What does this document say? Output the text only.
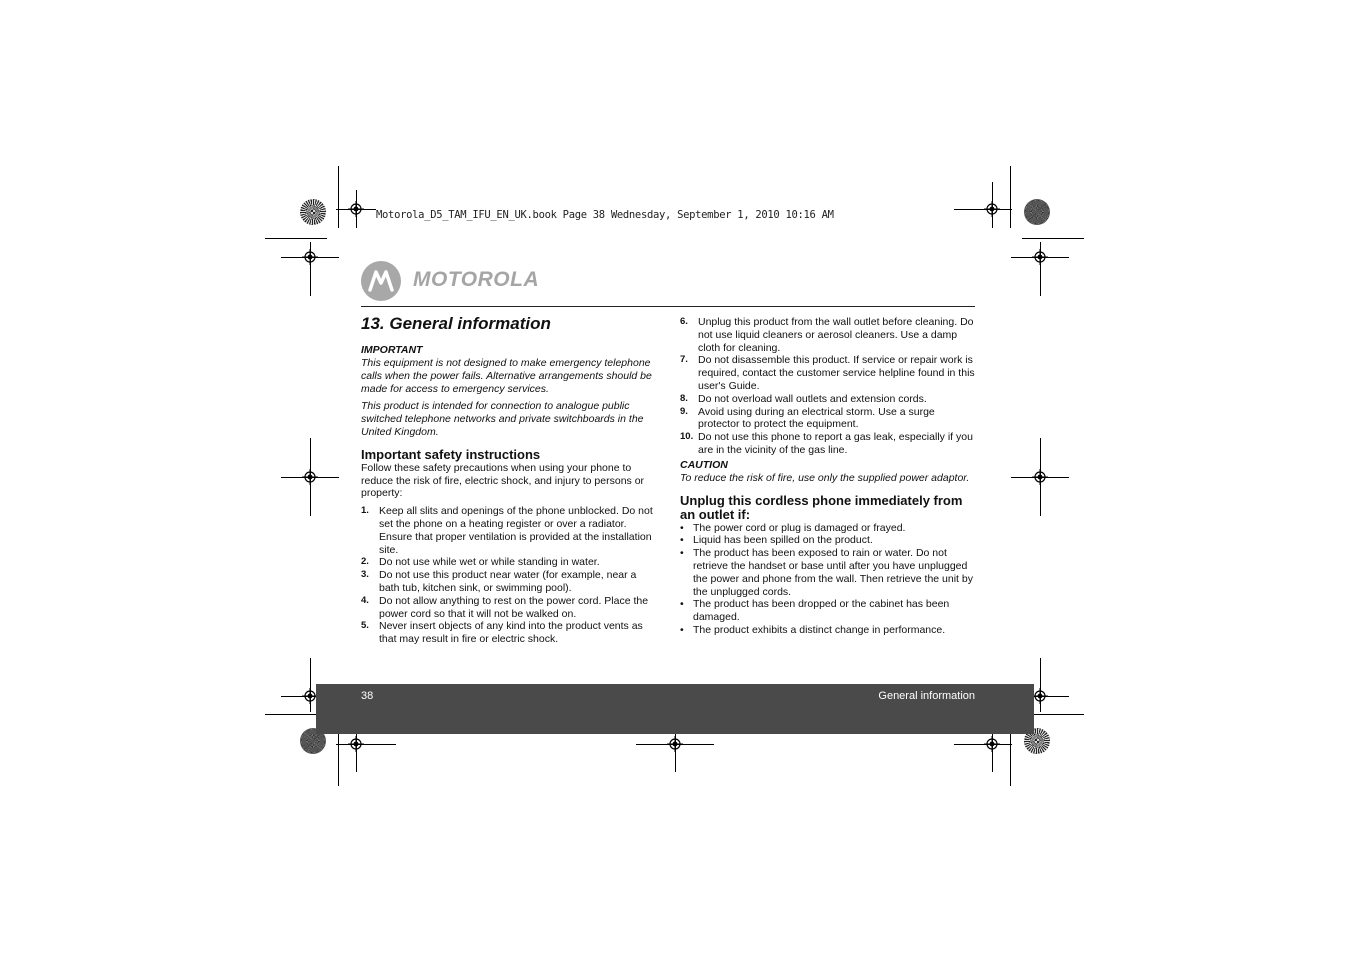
Motorola_D5_TAM_IFU_EN_UK.book Page 38 Wednesday, September 1, 2010 10:16 AM
MOTOROLA
13. General information
IMPORTANT

This equipment is not designed to make emergency telephone calls when the power fails. Alternative arrangements should be made for access to emergency services.

This product is intended for connection to analogue public switched telephone networks and private switchboards in the United Kingdom.

Important safety instructions

Follow these safety precautions when using your phone to reduce the risk of fire, electric shock, and injury to persons or property:

1. Keep all slits and openings of the phone unblocked. Do not set the phone on a heating register or over a radiator. Ensure that proper ventilation is provided at the installation site.
2. Do not use while wet or while standing in water.
3. Do not use this product near water (for example, near a bath tub, kitchen sink, or swimming pool).
4. Do not allow anything to rest on the power cord. Place the power cord so that it will not be walked on.
5. Never insert objects of any kind into the product vents as that may result in fire or electric shock.
6. Unplug this product from the wall outlet before cleaning. Do not use liquid cleaners or aerosol cleaners. Use a damp cloth for cleaning.
7. Do not disassemble this product. If service or repair work is required, contact the customer service helpline found in this user's Guide.
8. Do not overload wall outlets and extension cords.
9. Avoid using during an electrical storm. Use a surge protector to protect the equipment.
10. Do not use this phone to report a gas leak, especially if you are in the vicinity of the gas line.
CAUTION

To reduce the risk of fire, use only the supplied power adaptor.

Unplug this cordless phone immediately from an outlet if:
• The power cord or plug is damaged or frayed.
• Liquid has been spilled on the product.
• The product has been exposed to rain or water. Do not retrieve the handset or base until after you have unplugged the power and phone from the wall. Then retrieve the unit by the unplugged cords.
• The product has been dropped or the cabinet has been damaged.
• The product exhibits a distinct change in performance.
38	General information
